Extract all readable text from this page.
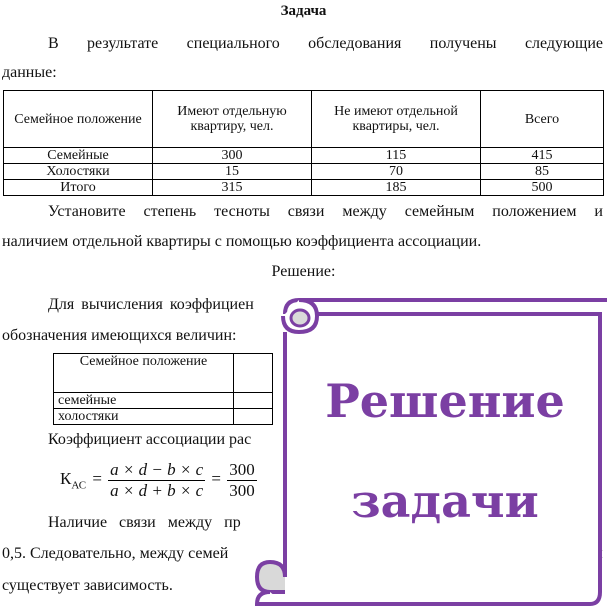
Задача
В результате специального обследования получены следующие
данные:
Семейное положение	Имеют отдельную квартиру, чел.	Не имеют отдельной квартиры, чел.	Всего
Семейные	300	115	415
Холостяки	15	70	85
Итого	315	185	500
Установите степень тесноты связи между семейным положением и
наличием отдельной квартиры с помощью коэффициента ассоциации.
Решение:
Для вычисления коэффициен
обозначения имеющихся величин:
Семейное положение	
семейные	
холостяки	
Коэффициент ассоциации рас
$К_{АС} = \frac{a \times d - b \times c}{a \times d + b \times c} = \frac{300}{300}$
Наличие связи между пр
0,5. Следовательно, между семей
существует зависимость.
Решение
задачи
